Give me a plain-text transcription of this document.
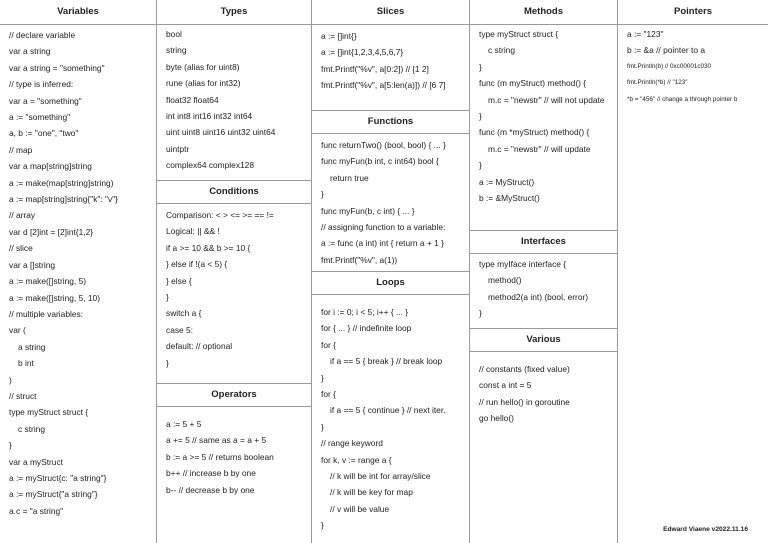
Variables
// declare variable
var a string
var a string = "something"
// type is inferred:
var a = "something"
a := "something"
a, b := "one", "two"
// map
var a map[string]string
a := make(map[string]string)
a := map[string]string{"k": "v"}
// array
var d [2]int = [2]int{1,2}
// slice
var a []string
a := make([]string, 5)
a := make([]string, 5, 10)
// multiple variables:
var (
a string
b int
)
// struct
type myStruct struct {
c string
}
var a myStruct
a := myStruct{c: "a string"}
a := myStruct{"a string"}
a.c = "a string"
Types
bool
string
byte (alias for uint8)
rune (alias for int32)
float32 float64
int int8 int16 int32 int64
uint uint8 uint16 uint32 uint64
uintptr
complex64 complex128
Conditions
Comparison: < > <= >= == !=
Logical: || && !
if a >= 10 && b >= 10 {
} else if !(a < 5) {
} else {
}
switch a {
case 5:
default: // optional
}
Operators
a := 5 + 5
a += 5 // same as a = a + 5
b := a >= 5 // returns boolean
b++ // increase b by one
b-- // decrease b by one
Slices
a := []int{}
a := []int{1,2,3,4,5,6,7}
fmt.Printf("%v", a[0:2]) // [1 2]
fmt.Printf("%v", a[5:len(a)]) // [6 7]
Functions
func returnTwo() (bool, bool) { ... }
func myFun(b int, c int64) bool {
return true
}
func myFun(b, c int) { ... }
// assigning function to a variable:
a := func (a int) int { return a + 1 }
fmt.Printf("%v", a(1))
Loops
for i := 0; i < 5; i++ { ... }
for { ... } // indefinite loop
for {
if a == 5 { break } // break loop
}
for {
if a == 5 { continue } // next iter.
}
// range keyword
for k, v := range a {
// k will be int for array/slice
// k will be key for map
// v will be value
}
Methods
type myStruct struct {
c string
}
func (m myStruct) method() {
m.c = "newstr" // will not update
}
func (m *myStruct) method() {
m.c = "newstr" // will update
}
a := MyStruct()
b := &MyStruct()
Interfaces
type myIface interface {
method()
method2(a int) (bool, error)
}
Various
// constants (fixed value)
const a int = 5
// run hello() in goroutine
go hello()
Pointers
a := "123"
b := &a // pointer to a
fmt.Println(b) // 0xc00001c030
fmt.Println(*b) // "123"
*b = "456" // change a through pointer b
Edward Viaene v2022.11.16
